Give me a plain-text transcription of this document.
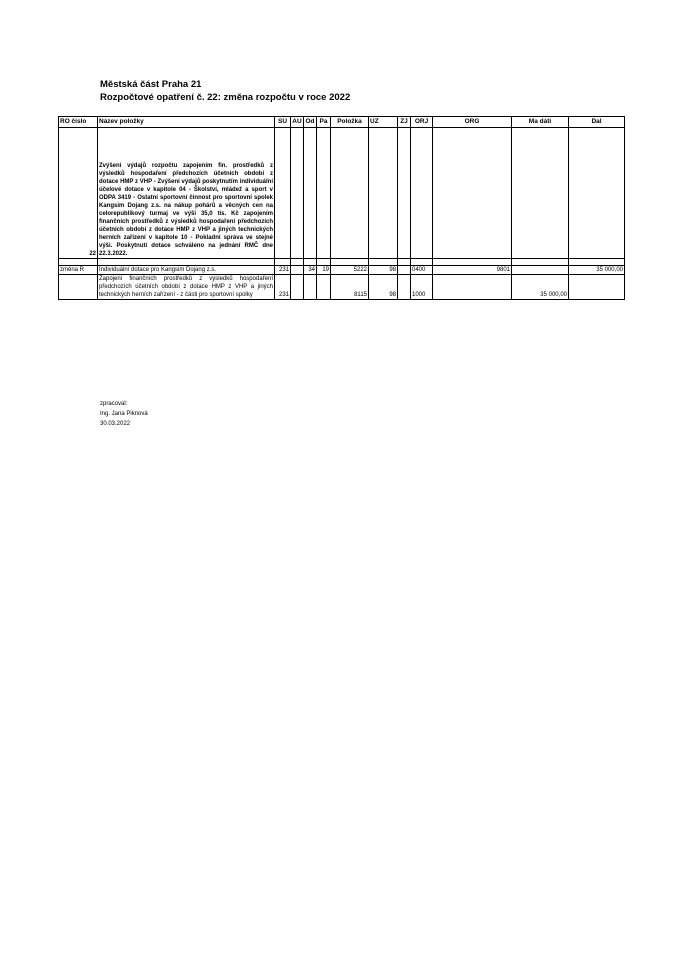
Městská část Praha 21
Rozpočtové opatření č. 22: změna rozpočtu v roce 2022
RO číslo	Název položky	SU	AU	Od	Pa	Položka	UZ	ZJ	ORJ	ORG	Ma dáti	Dal
22	Zvýšení výdajů rozpočtu zapojením fin. prostředků z výsledků hospodaření předchozích účetních období z dotace HMP z VHP - Zvýšení výdajů poskytnutím individuální účelové dotace v kapitole 04 - Školství, mládež a sport v ODPA 3419 - Ostatní sportovní činnost pro sportovní spolek Kangsim Dojang z.s. na nákup pohárů a věcných cen na celorepublikový turmaj ve výši 35,0 tis. Kč zapojením finančních prostředků z výsledků hospodaření předchozích účetních období z dotace HMP z VHP a jiných technických herních zařízení v kapitole 10 - Pokladní správa ve stejné výši. Poskytnutí dotace schváleno na jednání RMČ dne 22.3.2022.											

změna R	Individuální dotace pro Kangsim Dojang z.s.	231		34	19	5222	98		0400	9801		35 000,00
	Zapojení finančních prostředků z výsledků hospodaření předchozích účetních období z dotace HMP z VHP a jiných technických herních zařízení - z části pro sportovní spolky	231				8115	98		1000		35 000,00	
zpracoval:
Ing. Jana Piknová
30.03.2022
